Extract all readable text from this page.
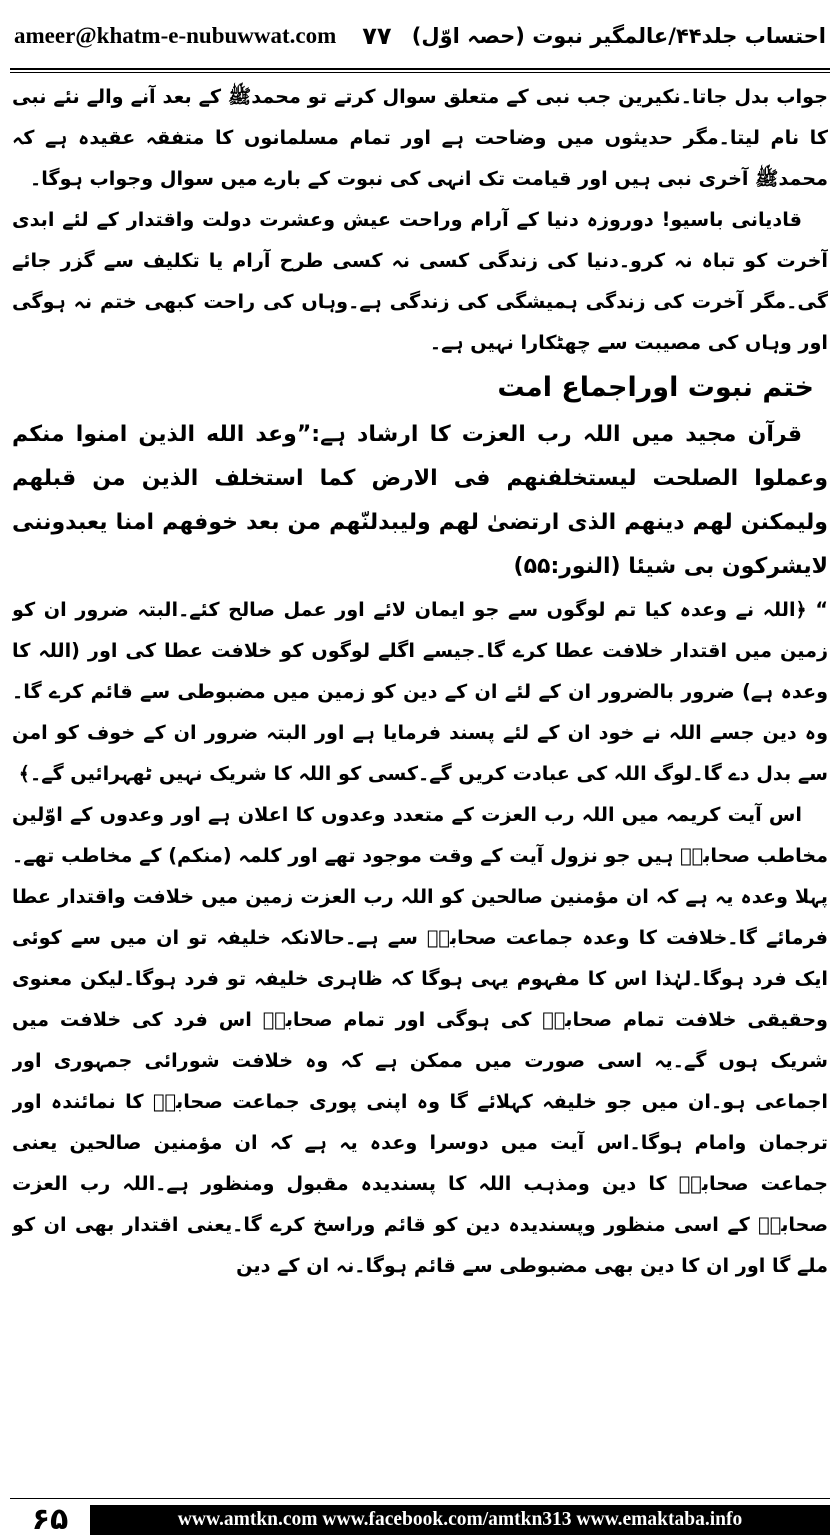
ameer@khatm-e-nubuwwat.com ۷۷ احتساب جلد۴۴/عالمگیر نبوت (حصہ اوّل)

جواب بدل جاتا۔نکیرین جب نبی کے متعلق سوال کرتے تو محمدﷺ کے بعد آنے والے نئے نبی کا نام لیتا۔مگر حدیثوں میں وضاحت ہے اور تمام مسلمانوں کا متفقہ عقیدہ ہے کہ محمدﷺ آخری نبی ہیں اور قیامت تک انہی کی نبوت کے بارے میں سوال وجواب ہوگا۔

قادیانی باسیو! دوروزہ دنیا کے آرام وراحت عیش وعشرت دولت واقتدار کے لئے ابدی آخرت کو تباہ نہ کرو۔دنیا کی زندگی کسی نہ کسی طرح آرام یا تکلیف سے گزر جائے گی۔مگر آخرت کی زندگی ہمیشگی کی زندگی ہے۔وہاں کی راحت کبھی ختم نہ ہوگی اور وہاں کی مصیبت سے چھٹکارا نہیں ہے۔

ختم نبوت اوراجماع امت

قرآن مجید میں اللہ رب العزت کا ارشاد ہے:”وعد الله الذين امنوا منكم وعملوا الصلحت ليستخلفنهم فى الارض كما استخلف الذين من قبلهم وليمكنن لهم دينهم الذى ارتضىٰ لهم وليبدلنّهم من بعد خوفهم امنا يعبدوننى لايشركون بى شيئا (النور:۵۵)

“ ﴿اللہ نے وعدہ کیا تم لوگوں سے جو ایمان لائے اور عمل صالح کئے۔البتہ ضرور ان کو زمین میں اقتدار خلافت عطا کرے گا۔جیسے اگلے لوگوں کو خلافت عطا کی اور (اللہ کا وعدہ ہے) ضرور بالضرور ان کے لئے ان کے دین کو زمین میں مضبوطی سے قائم کرے گا۔وہ دین جسے اللہ نے خود ان کے لئے پسند فرمایا ہے اور البتہ ضرور ان کے خوف کو امن سے بدل دے گا۔لوگ اللہ کی عبادت کریں گے۔کسی کو اللہ کا شریک نہیں ٹھہرائیں گے۔﴾

اس آیت کریمہ میں اللہ رب العزت کے متعدد وعدوں کا اعلان ہے اور وعدوں کے اوّلین مخاطب صحابہؓ ہیں جو نزول آیت کے وقت موجود تھے اور کلمہ (منکم) کے مخاطب تھے۔پہلا وعدہ یہ ہے کہ ان مؤمنین صالحین کو اللہ رب العزت زمین میں خلافت واقتدار عطا فرمائے گا۔خلافت کا وعدہ جماعت صحابہؓ سے ہے۔حالانکہ خلیفہ تو ان میں سے کوئی ایک فرد ہوگا۔لہٰذا اس کا مفہوم یہی ہوگا کہ ظاہری خلیفہ تو فرد ہوگا۔لیکن معنوی وحقیقی خلافت تمام صحابہؓ کی ہوگی اور تمام صحابہؓ اس فرد کی خلافت میں شریک ہوں گے۔یہ اسی صورت میں ممکن ہے کہ وہ خلافت شورائی جمہوری اور اجماعی ہو۔ان میں جو خلیفہ کہلائے گا وہ اپنی پوری جماعت صحابہؓ کا نمائندہ اور ترجمان وامام ہوگا۔اس آیت میں دوسرا وعدہ یہ ہے کہ ان مؤمنین صالحین یعنی جماعت صحابہؓ کا دین ومذہب اللہ کا پسندیدہ مقبول ومنظور ہے۔اللہ رب العزت صحابہؓ کے اسی منظور وپسندیدہ دین کو قائم وراسخ کرے گا۔یعنی اقتدار بھی ان کو ملے گا اور ان کا دین بھی مضبوطی سے قائم ہوگا۔نہ ان کے دین

۶۵	www.amtkn.com www.facebook.com/amtkn313 www.emaktaba.info
